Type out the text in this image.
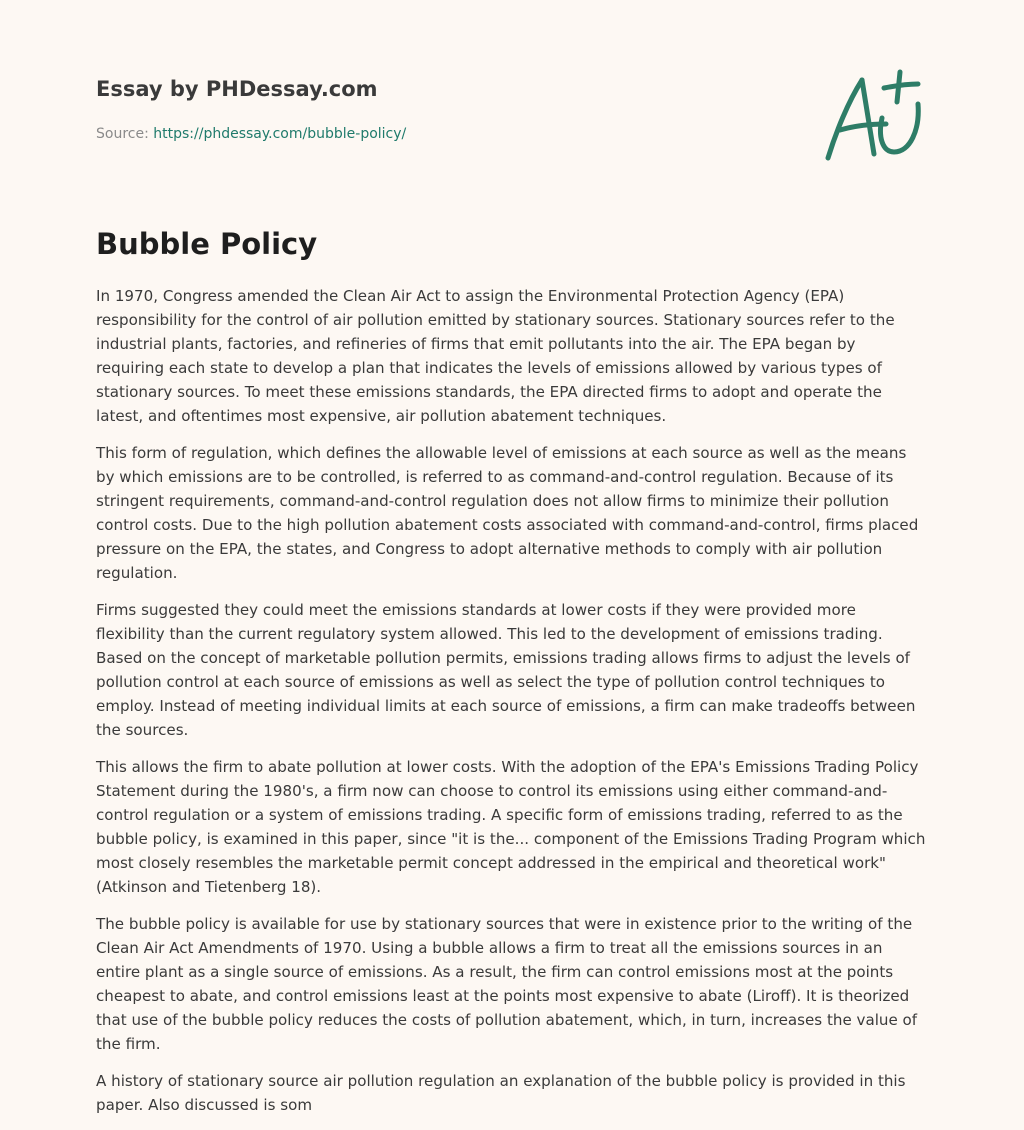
Essay by PHDessay.com
Source: https://phdessay.com/bubble-policy/
Bubble Policy

In 1970, Congress amended the Clean Air Act to assign the Environmental Protection Agency (EPA) responsibility for the control of air pollution emitted by stationary sources. Stationary sources refer to the industrial plants, factories, and refineries of firms that emit pollutants into the air. The EPA began by requiring each state to develop a plan that indicates the levels of emissions allowed by various types of stationary sources. To meet these emissions standards, the EPA directed firms to adopt and operate the latest, and oftentimes most expensive, air pollution abatement techniques.

This form of regulation, which defines the allowable level of emissions at each source as well as the means by which emissions are to be controlled, is referred to as command-and-control regulation. Because of its stringent requirements, command-and-control regulation does not allow firms to minimize their pollution control costs. Due to the high pollution abatement costs associated with command-and-control, firms placed pressure on the EPA, the states, and Congress to adopt alternative methods to comply with air pollution regulation.

Firms suggested they could meet the emissions standards at lower costs if they were provided more flexibility than the current regulatory system allowed. This led to the development of emissions trading. Based on the concept of marketable pollution permits, emissions trading allows firms to adjust the levels of pollution control at each source of emissions as well as select the type of pollution control techniques to employ. Instead of meeting individual limits at each source of emissions, a firm can make tradeoffs between the sources.

This allows the firm to abate pollution at lower costs. With the adoption of the EPA's Emissions Trading Policy Statement during the 1980's, a firm now can choose to control its emissions using either command-and-control regulation or a system of emissions trading. A specific form of emissions trading, referred to as the bubble policy, is examined in this paper, since "it is the... component of the Emissions Trading Program which most closely resembles the marketable permit concept addressed in the empirical and theoretical work" (Atkinson and Tietenberg 18).

The bubble policy is available for use by stationary sources that were in existence prior to the writing of the Clean Air Act Amendments of 1970. Using a bubble allows a firm to treat all the emissions sources in an entire plant as a single source of emissions. As a result, the firm can control emissions most at the points cheapest to abate, and control emissions least at the points most expensive to abate (Liroff). It is theorized that use of the bubble policy reduces the costs of pollution abatement, which, in turn, increases the value of the firm.

A history of stationary source air pollution regulation an explanation of the bubble policy is provided in this paper. Also discussed is som
